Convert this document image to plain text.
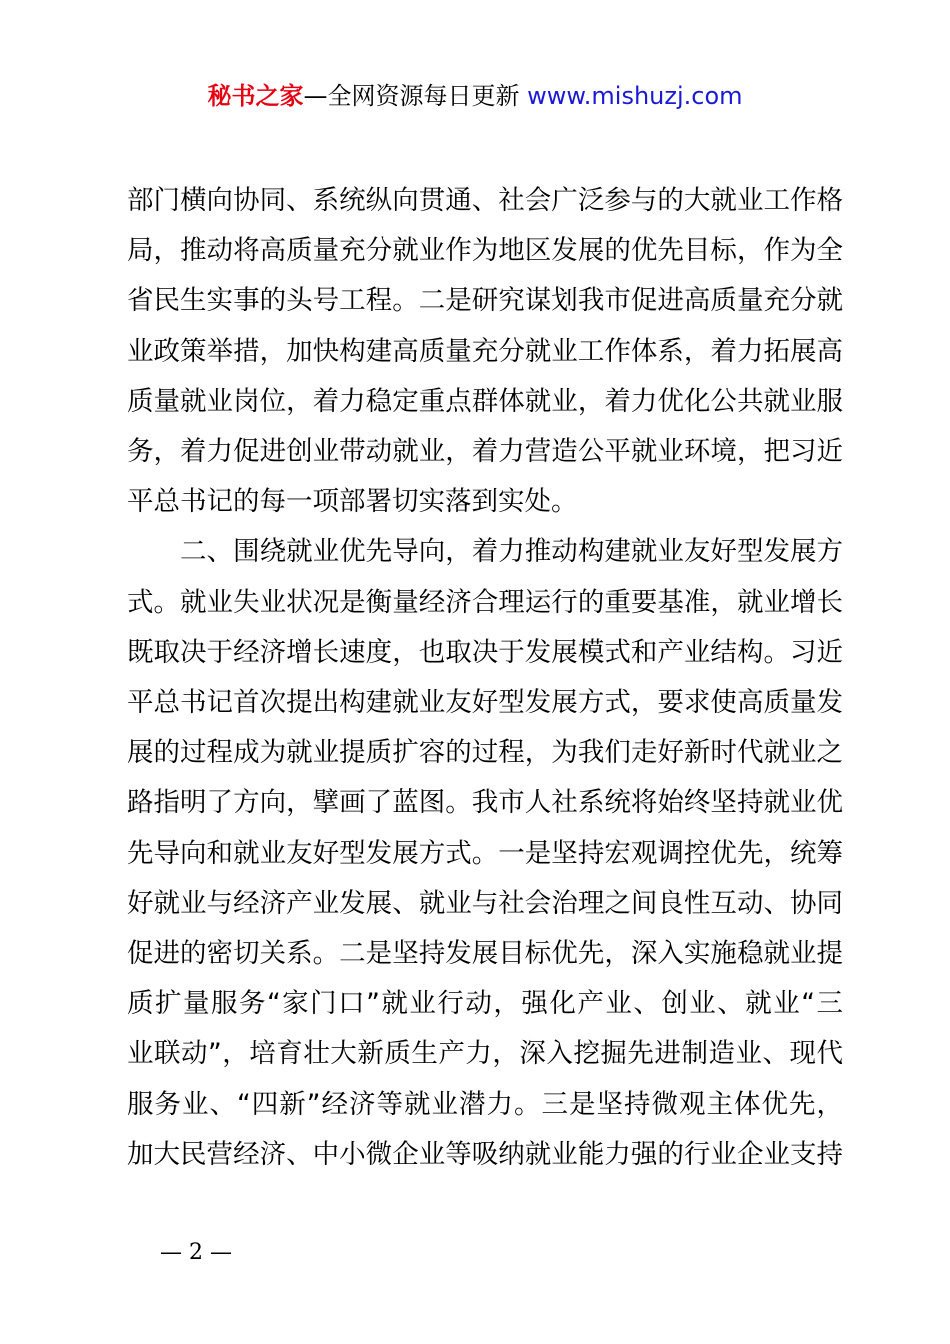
秘书之家—全网资源每日更新 www.mishuzj.com
部门横向协同、系统纵向贯通、社会广泛参与的大就业工作格
局，推动将高质量充分就业作为地区发展的优先目标，作为全
省民生实事的头号工程。二是研究谋划我市促进高质量充分就
业政策举措，加快构建高质量充分就业工作体系，着力拓展高
质量就业岗位，着力稳定重点群体就业，着力优化公共就业服
务，着力促进创业带动就业，着力营造公平就业环境，把习近
平总书记的每一项部署切实落到实处。
　　二、围绕就业优先导向，着力推动构建就业友好型发展方
式。就业失业状况是衡量经济合理运行的重要基准，就业增长
既取决于经济增长速度，也取决于发展模式和产业结构。习近
平总书记首次提出构建就业友好型发展方式，要求使高质量发
展的过程成为就业提质扩容的过程，为我们走好新时代就业之
路指明了方向，擘画了蓝图。我市人社系统将始终坚持就业优
先导向和就业友好型发展方式。一是坚持宏观调控优先，统筹
好就业与经济产业发展、就业与社会治理之间良性互动、协同
促进的密切关系。二是坚持发展目标优先，深入实施稳就业提
质扩量服务“家门口”就业行动，强化产业、创业、就业“三
业联动”，培育壮大新质生产力，深入挖掘先进制造业、现代
服务业、“四新”经济等就业潜力。三是坚持微观主体优先，
加大民营经济、中小微企业等吸纳就业能力强的行业企业支持
— 2 —
